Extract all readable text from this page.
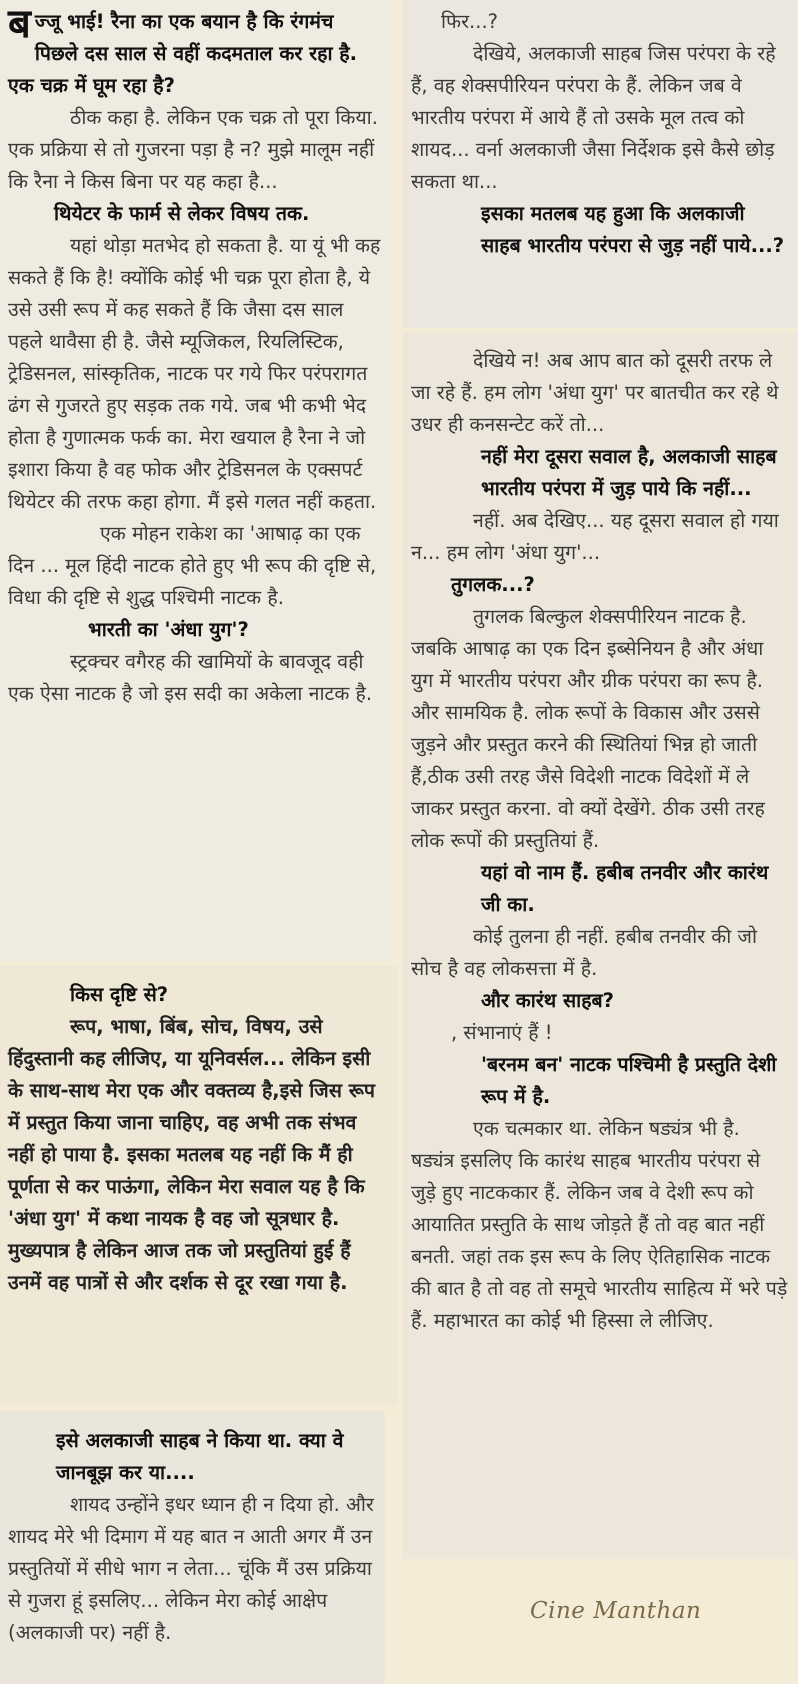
बज्जू भाई! रैना का एक बयान है कि रंगमंच पिछले दस साल से वहीं कदमताल कर रहा है. एक चक्र में घूम रहा है?

ठीक कहा है. लेकिन एक चक्र तो पूरा किया. एक प्रक्रिया से तो गुजरना पड़ा है न? मुझे मालूम नहीं कि रैना ने किस बिना पर यह कहा है...

थियेटर के फार्म से लेकर विषय तक.

यहां थोड़ा मतभेद हो सकता है. या यूं भी कह सकते हैं कि है! क्योंकि कोई भी चक्र पूरा होता है, ये उसे उसी रूप में कह सकते हैं कि जैसा दस साल पहले थावैसा ही है. जैसे म्यूजिकल, रियलिस्टिक, ट्रेडिसनल, सांस्कृतिक, नाटक पर गये फिर परंपरागत ढंग से गुजरते हुए सड़क तक गये. जब भी कभी भेद होता है गुणात्मक फर्क का. मेरा खयाल है रैना ने जो इशारा किया है वह फोक और ट्रेडिसनल के एक्सपर्ट थियेटर की तरफ कहा होगा. मैं इसे गलत नहीं कहता.

एक मोहन राकेश का 'आषाढ़ का एक दिन ... मूल हिंदी नाटक होते हुए भी रूप की दृष्टि से, विधा की दृष्टि से शुद्ध पश्चिमी नाटक है.

भारती का 'अंधा युग'?

स्ट्रक्चर वगैरह की खामियों के बावजूद वही एक ऐसा नाटक है जो इस सदी का अकेला नाटक है.

किस दृष्टि से?

रूप, भाषा, बिंब, सोच, विषय, उसे हिंदुस्तानी कह लीजिए, या यूनिवर्सल... लेकिन इसी के साथ-साथ मेरा एक और वक्तव्य है,इसे जिस रूप में प्रस्तुत किया जाना चाहिए, वह अभी तक संभव नहीं हो पाया है. इसका मतलब यह नहीं कि मैं ही पूर्णता से कर पाऊंगा, लेकिन मेरा सवाल यह है कि 'अंधा युग' में कथा नायक है वह जो सूत्रधार है. मुख्यपात्र है लेकिन आज तक जो प्रस्तुतियां हुई हैं उनमें वह पात्रों से और दर्शक से दूर रखा गया है.

इसे अलकाजी साहब ने किया था. क्या वे जानबूझ कर या....

शायद उन्होंने इधर ध्यान ही न दिया हो. और शायद मेरे भी दिमाग में यह बात न आती अगर मैं उन प्रस्तुतियों में सीधे भाग न लेता... चूंकि मैं उस प्रक्रिया से गुजरा हूं इसलिए... लेकिन मेरा कोई आक्षेप (अलकाजी पर) नहीं है.

फिर...?

देखिये, अलकाजी साहब जिस परंपरा के रहे हैं, वह शेक्सपीरियन परंपरा के हैं. लेकिन जब वे भारतीय परंपरा में आये हैं तो उसके मूल तत्व को शायद... वर्ना अलकाजी जैसा निर्देशक इसे कैसे छोड़ सकता था...

इसका मतलब यह हुआ कि अलकाजी साहब भारतीय परंपरा से जुड़ नहीं पाये...?

देखिये न! अब आप बात को दूसरी तरफ ले जा रहे हैं. हम लोग 'अंधा युग' पर बातचीत कर रहे थे उधर ही कनसन्टेट करें तो...

नहीं मेरा दूसरा सवाल है, अलकाजी साहब भारतीय परंपरा में जुड़ पाये कि नहीं...

नहीं. अब देखिए... यह दूसरा सवाल हो गया न... हम लोग 'अंधा युग'...

तुगलक...?

तुगलक बिल्कुल शेक्सपीरियन नाटक है. जबकि आषाढ़ का एक दिन इब्सेनियन है और अंधा युग में भारतीय परंपरा और ग्रीक परंपरा का रूप है. और सामयिक है. लोक रूपों के विकास और उससे जुड़ने और प्रस्तुत करने की स्थितियां भिन्न हो जाती हैं,ठीक उसी तरह जैसे विदेशी नाटक विदेशों में ले जाकर प्रस्तुत करना. वो क्यों देखेंगे. ठीक उसी तरह लोक रूपों की प्रस्तुतियां हैं.

यहां वो नाम हैं. हबीब तनवीर और कारंथ जी का.

कोई तुलना ही नहीं. हबीब तनवीर की जो सोच है वह लोकसत्ता में है.

और कारंथ साहब?

, संभानाएं हैं !

'बरनम बन' नाटक पश्चिमी है प्रस्तुति देशी रूप में है.

एक चत्मकार था. लेकिन षड्यंत्र भी है. षड्यंत्र इसलिए कि कारंथ साहब भारतीय परंपरा से जुड़े हुए नाटककार हैं. लेकिन जब वे देशी रूप को आयातित प्रस्तुति के साथ जोड़ते हैं तो वह बात नहीं बनती. जहां तक इस रूप के लिए ऐतिहासिक नाटक की बात है तो वह तो समूचे भारतीय साहित्य में भरे पड़े हैं. महाभारत का कोई भी हिस्सा ले लीजिए.

Cine Manthan
